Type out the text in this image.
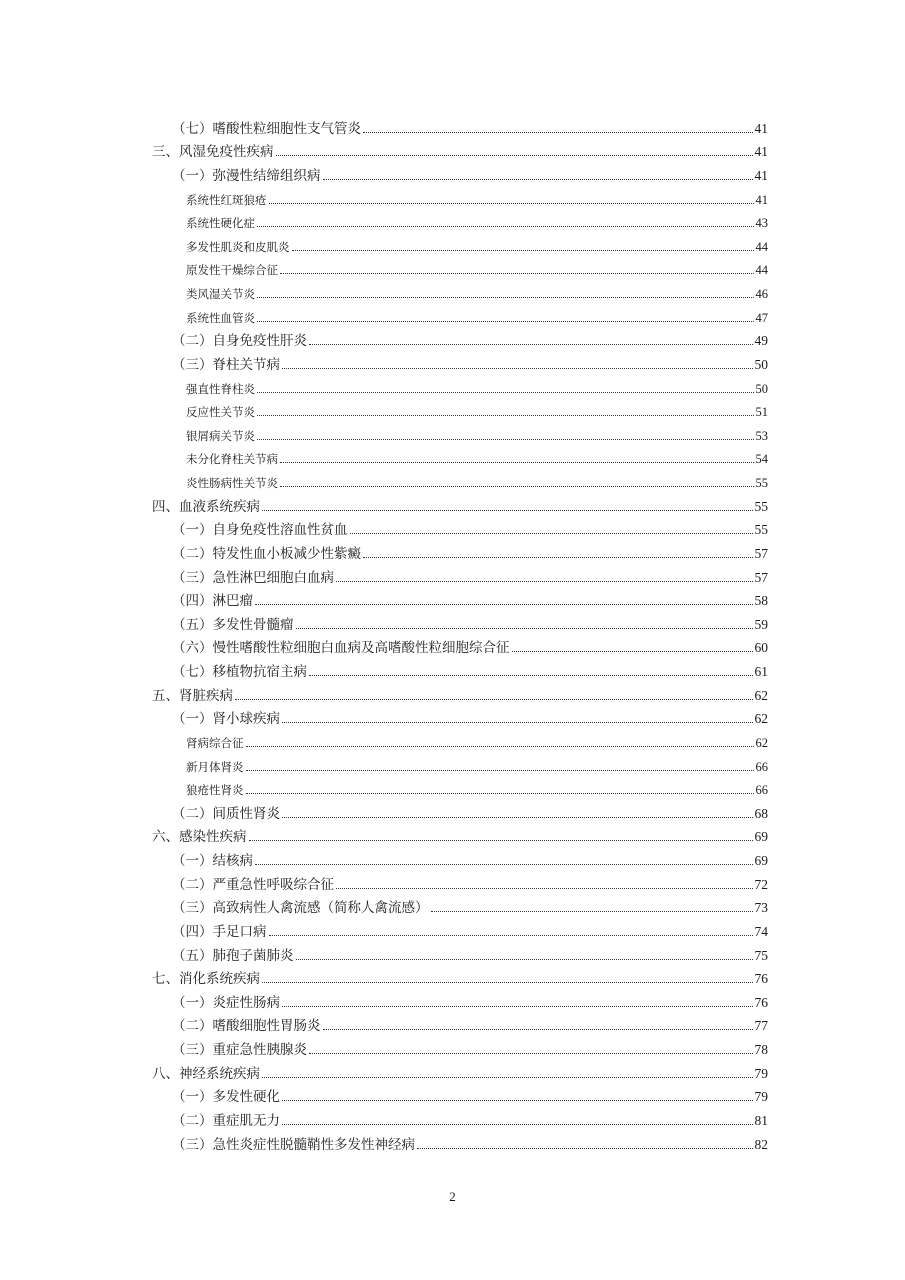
（七）嗜酸性粒细胞性支气管炎	41
三、风湿免疫性疾病	41
（一）弥漫性结缔组织病	41
系统性红斑狼疮	41
系统性硬化症	43
多发性肌炎和皮肌炎	44
原发性干燥综合征	44
类风湿关节炎	46
系统性血管炎	47
（二）自身免疫性肝炎	49
（三）脊柱关节病	50
强直性脊柱炎	50
反应性关节炎	51
银屑病关节炎	53
未分化脊柱关节病	54
炎性肠病性关节炎	55
四、血液系统疾病	55
（一）自身免疫性溶血性贫血	55
（二）特发性血小板减少性紫癜	57
（三）急性淋巴细胞白血病	57
（四）淋巴瘤	58
（五）多发性骨髓瘤	59
（六）慢性嗜酸性粒细胞白血病及高嗜酸性粒细胞综合征	60
（七）移植物抗宿主病	61
五、肾脏疾病	62
（一）肾小球疾病	62
肾病综合征	62
新月体肾炎	66
狼疮性肾炎	66
（二）间质性肾炎	68
六、感染性疾病	69
（一）结核病	69
（二）严重急性呼吸综合征	72
（三）高致病性人禽流感（简称人禽流感）	73
（四）手足口病	74
（五）肺孢子菌肺炎	75
七、消化系统疾病	76
（一）炎症性肠病	76
（二）嗜酸细胞性胃肠炎	77
（三）重症急性胰腺炎	78
八、神经系统疾病	79
（一）多发性硬化	79
（二）重症肌无力	81
（三）急性炎症性脱髓鞘性多发性神经病	82
2
